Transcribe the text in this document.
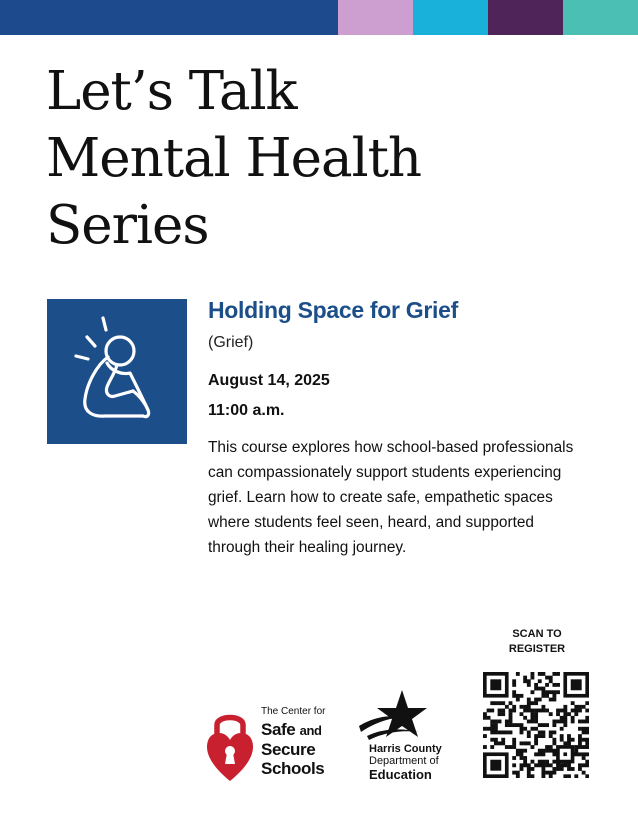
Let’s Talk
Mental Health
Series
Holding Space for Grief
(Grief)
August 14, 2025
11:00 a.m.

This course explores how school-based professionals can compassionately support students experiencing grief. Learn how to create safe, empathetic spaces where students feel seen, heard, and supported through their healing journey.

The Center for
Safe and
Secure
Schools
Harris County
Department of
Education
SCAN TO
REGISTER
